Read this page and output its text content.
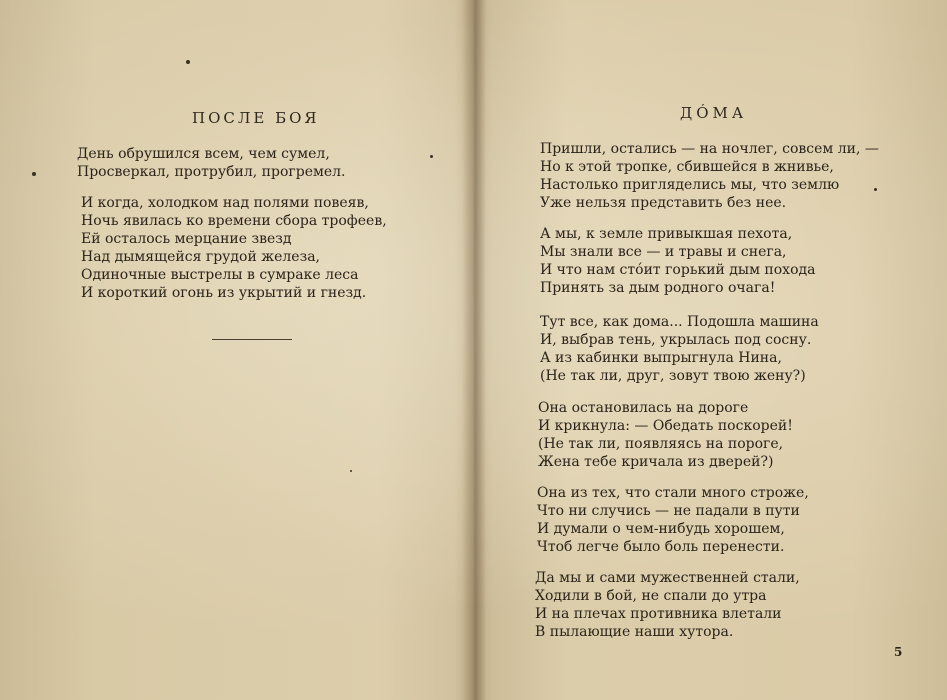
ПОСЛЕ БОЯ
День обрушился всем, чем сумел,
Просверкал, протрубил, прогремел.
И когда, холодком над полями повеяв,
Ночь явилась ко времени сбора трофеев,
Ей осталось мерцание звезд
Над дымящейся грудой железа,
Одиночные выстрелы в сумраке леса
И короткий огонь из укрытий и гнезд.
ДÓМА
Пришли, остались — на ночлег, совсем ли, —
Но к этой тропке, сбившейся в жнивье,
Настолько пригляделись мы, что землю
Уже нельзя представить без нее.
А мы, к земле привыкшая пехота,
Мы знали все — и травы и снега,
И что нам стóит горький дым похода
Принять за дым родного очага!
Тут все, как дома... Подошла машина
И, выбрав тень, укрылась под сосну.
А из кабинки выпрыгнула Нина,
(Не так ли, друг, зовут твою жену?)
Она остановилась на дороге
И крикнула: — Обедать поскорей!
(Не так ли, появляясь на пороге,
Жена тебе кричала из дверей?)
Она из тех, что стали много строже,
Что ни случись — не падали в пути
И думали о чем-нибудь хорошем,
Чтоб легче было боль перенести.
Да мы и сами мужественней стали,
Ходили в бой, не спали до утра
И на плечах противника влетали
В пылающие наши хутора.
5
